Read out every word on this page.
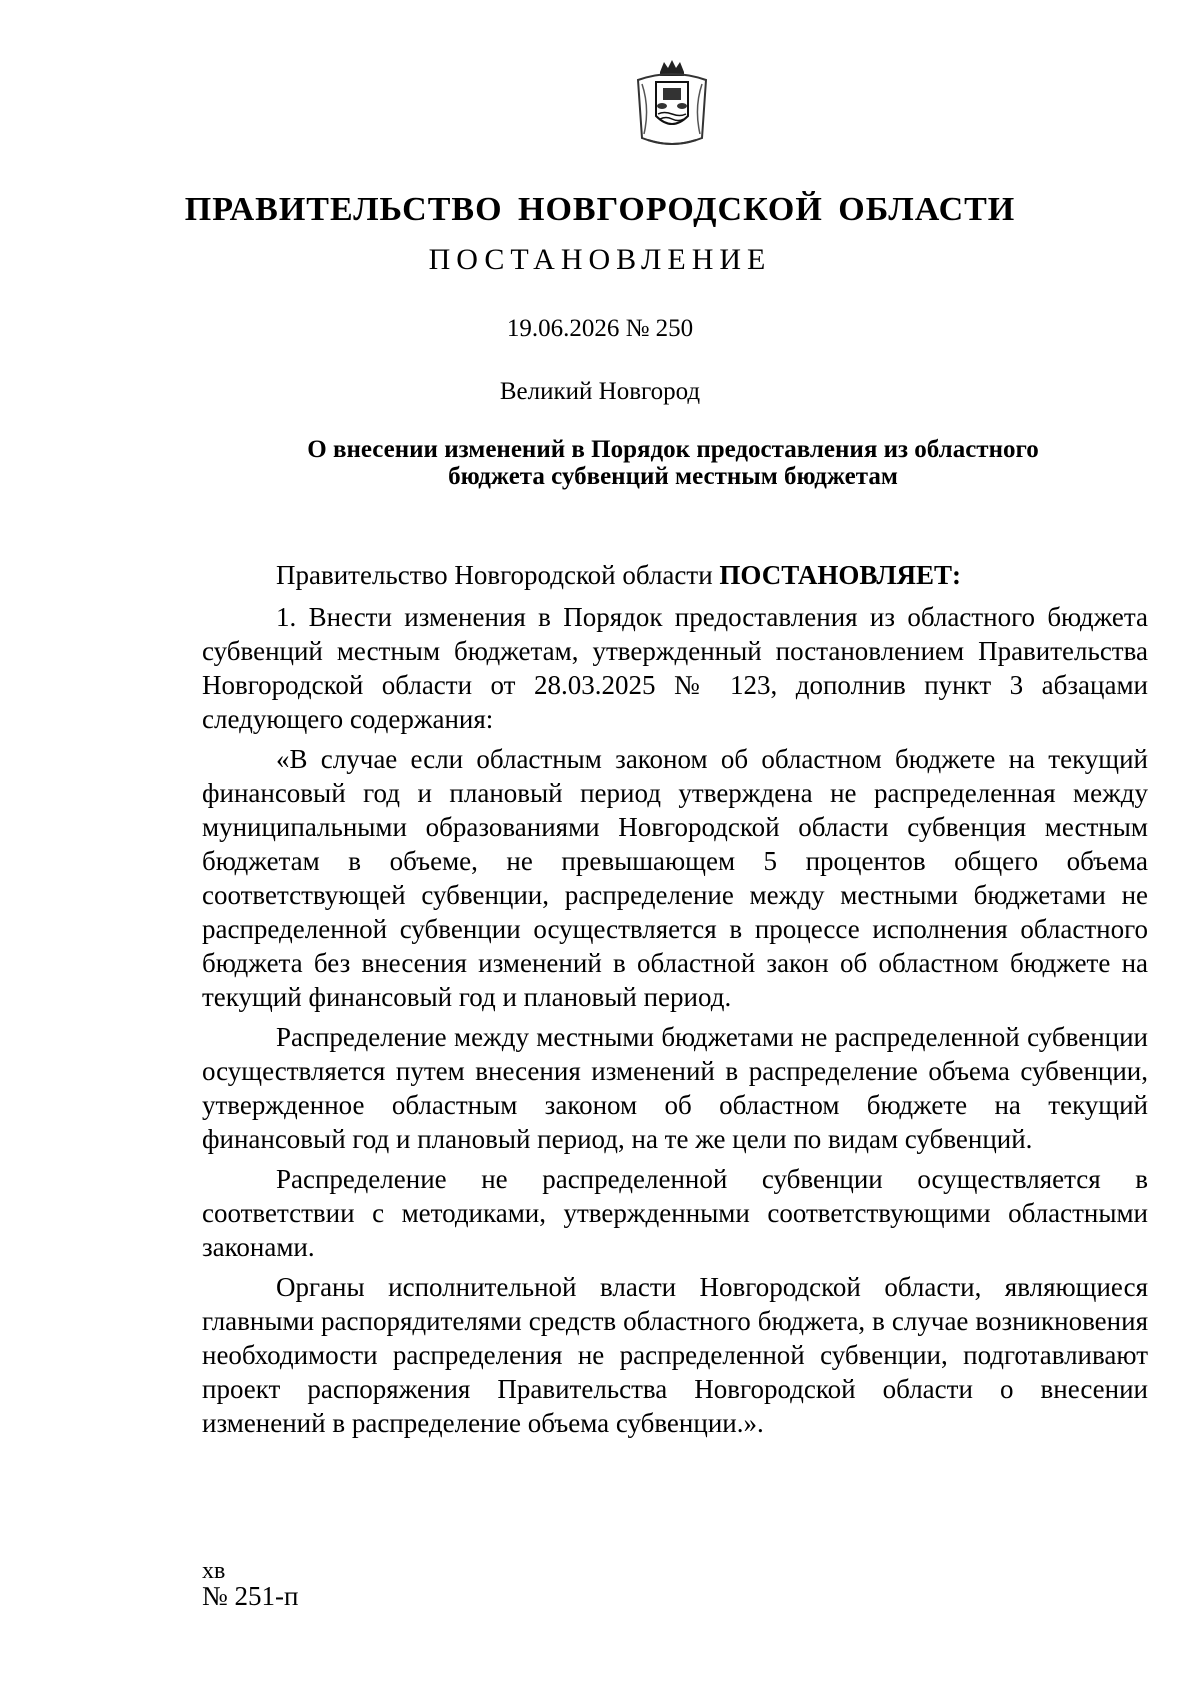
ПРАВИТЕЛЬСТВО НОВГОРОДСКОЙ ОБЛАСТИ
ПОСТАНОВЛЕНИЕ
19.06.2026 № 250
Великий Новгород
О внесении изменений в Порядок предоставления из областного
бюджета субвенций местным бюджетам

Правительство Новгородской области ПОСТАНОВЛЯЕТ:

1. Внести изменения в Порядок предоставления из областного бюджета субвенций местным бюджетам, утвержденный постановлением Правительства Новгородской области от 28.03.2025 № 123, дополнив пункт 3 абзацами следующего содержания:

«В случае если областным законом об областном бюджете на текущий финансовый год и плановый период утверждена не распределенная между муниципальными образованиями Новгородской области субвенция местным бюджетам в объеме, не превышающем 5 процентов общего объема соответствующей субвенции, распределение между местными бюджетами не распределенной субвенции осуществляется в процессе исполнения областного бюджета без внесения изменений в областной закон об областном бюджете на текущий финансовый год и плановый период.

Распределение между местными бюджетами не распределенной субвенции осуществляется путем внесения изменений в распределение объема субвенции, утвержденное областным законом об областном бюджете на текущий финансовый год и плановый период, на те же цели по видам субвенций.

Распределение не распределенной субвенции осуществляется в соответствии с методиками, утвержденными соответствующими областными законами.

Органы исполнительной власти Новгородской области, являющиеся главными распорядителями средств областного бюджета, в случае возникновения необходимости распределения не распределенной субвенции, подготавливают проект распоряжения Правительства Новгородской области о внесении изменений в распределение объема субвенции.».

хв
№ 251-п
